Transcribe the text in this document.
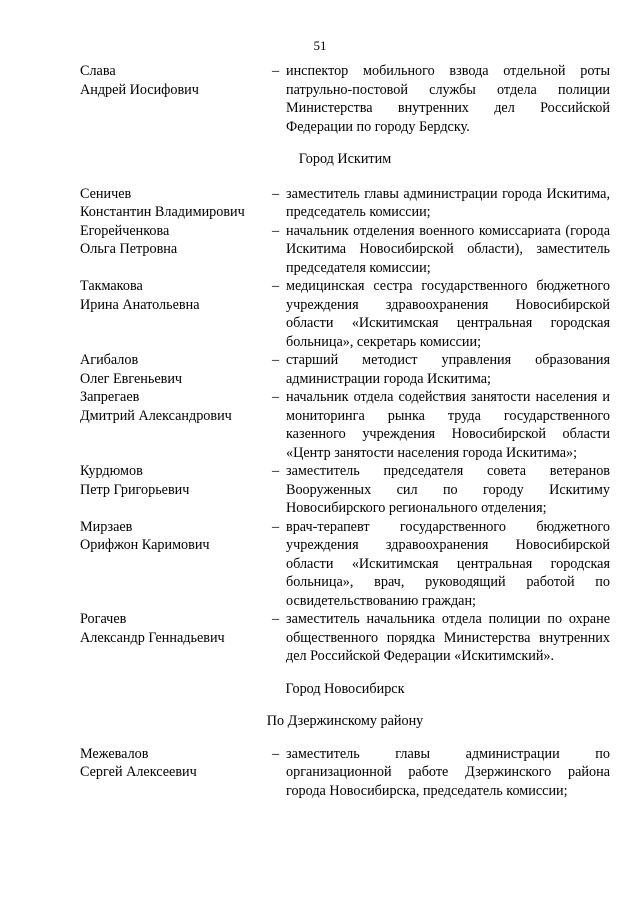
51
Слава
Андрей Иосифович
– инспектор мобильного взвода отдельной роты патрульно-постовой службы отдела полиции Министерства внутренних дел Российской Федерации по городу Бердску.
Город Искитим
Сеничев
Константин Владимирович
– заместитель главы администрации города Искитима, председатель комиссии;
Егорейченкова
Ольга Петровна
– начальник отделения военного комиссариата (города Искитима Новосибирской области), заместитель председателя комиссии;
Такмакова
Ирина Анатольевна
– медицинская сестра государственного бюджетного учреждения здравоохранения Новосибирской области «Искитимская центральная городская больница», секретарь комиссии;
Агибалов
Олег Евгеньевич
– старший методист управления образования администрации города Искитима;
Запрегаев
Дмитрий Александрович
– начальник отдела содействия занятости населения и мониторинга рынка труда государственного казенного учреждения Новосибирской области «Центр занятости населения города Искитима»;
Курдюмов
Петр Григорьевич
– заместитель председателя совета ветеранов Вооруженных сил по городу Искитиму Новосибирского регионального отделения;
Мирзаев
Орифжон Каримович
– врач-терапевт государственного бюджетного учреждения здравоохранения Новосибирской области «Искитимская центральная городская больница», врач, руководящий работой по освидетельствованию граждан;
Рогачев
Александр Геннадьевич
– заместитель начальника отдела полиции по охране общественного порядка Министерства внутренних дел Российской Федерации «Искитимский».
Город Новосибирск
По Дзержинскому району
Межевалов
Сергей Алексеевич
– заместитель главы администрации по организационной работе Дзержинского района города Новосибирска, председатель комиссии;
